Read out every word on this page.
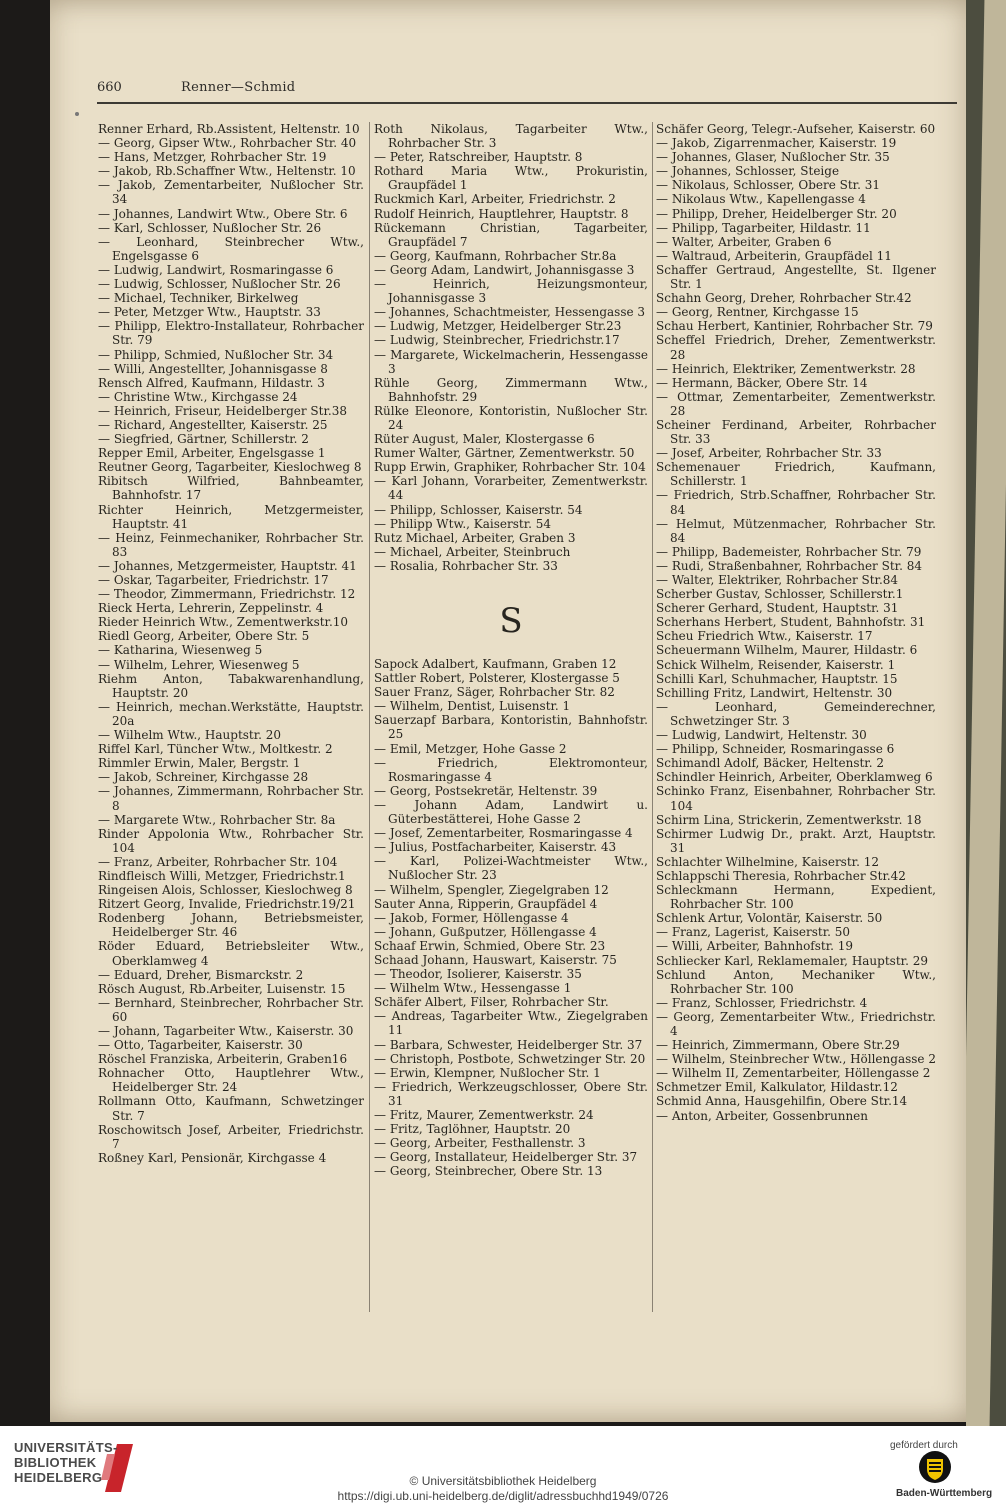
660	Renner—Schmid

Renner Erhard, Rb.Assistent, Heltenstr. 10

— Georg, Gipser Wtw., Rohrbacher Str. 40

— Hans, Metzger, Rohrbacher Str. 19

— Jakob, Rb.Schaffner Wtw., Heltenstr. 10

— Jakob, Zementarbeiter, Nußlocher Str. 34

— Johannes, Landwirt Wtw., Obere Str. 6

— Karl, Schlosser, Nußlocher Str. 26

— Leonhard, Steinbrecher Wtw., Engelsgasse 6

— Ludwig, Landwirt, Rosmaringasse 6

— Ludwig, Schlosser, Nußlocher Str. 26

— Michael, Techniker, Birkelweg

— Peter, Metzger Wtw., Hauptstr. 33

— Philipp, Elektro-Installateur, Rohrbacher Str. 79

— Philipp, Schmied, Nußlocher Str. 34

— Willi, Angestellter, Johannisgasse 8

Rensch Alfred, Kaufmann, Hildastr. 3

— Christine Wtw., Kirchgasse 24

— Heinrich, Friseur, Heidelberger Str.38

— Richard, Angestellter, Kaiserstr. 25

— Siegfried, Gärtner, Schillerstr. 2

Repper Emil, Arbeiter, Engelsgasse 1

Reutner Georg, Tagarbeiter, Kieslochweg 8

Ribitsch Wilfried, Bahnbeamter, Bahnhofstr. 17

Richter Heinrich, Metzgermeister, Hauptstr. 41

— Heinz, Feinmechaniker, Rohrbacher Str. 83

— Johannes, Metzgermeister, Hauptstr. 41

— Oskar, Tagarbeiter, Friedrichstr. 17

— Theodor, Zimmermann, Friedrichstr. 12

Rieck Herta, Lehrerin, Zeppelinstr. 4

Rieder Heinrich Wtw., Zementwerkstr.10

Riedl Georg, Arbeiter, Obere Str. 5

— Katharina, Wiesenweg 5

— Wilhelm, Lehrer, Wiesenweg 5

Riehm Anton, Tabakwarenhandlung, Hauptstr. 20

— Heinrich, mechan.Werkstätte, Hauptstr. 20a

— Wilhelm Wtw., Hauptstr. 20

Riffel Karl, Tüncher Wtw., Moltkestr. 2

Rimmler Erwin, Maler, Bergstr. 1

— Jakob, Schreiner, Kirchgasse 28

— Johannes, Zimmermann, Rohrbacher Str. 8

— Margarete Wtw., Rohrbacher Str. 8a

Rinder Appolonia Wtw., Rohrbacher Str. 104

— Franz, Arbeiter, Rohrbacher Str. 104

Rindfleisch Willi, Metzger, Friedrichstr.1

Ringeisen Alois, Schlosser, Kieslochweg 8

Ritzert Georg, Invalide, Friedrichstr.19/21

Rodenberg Johann, Betriebsmeister, Heidelberger Str. 46

Röder Eduard, Betriebsleiter Wtw., Oberklamweg 4

— Eduard, Dreher, Bismarckstr. 2

Rösch August, Rb.Arbeiter, Luisenstr. 15

— Bernhard, Steinbrecher, Rohrbacher Str. 60

— Johann, Tagarbeiter Wtw., Kaiserstr. 30

— Otto, Tagarbeiter, Kaiserstr. 30

Röschel Franziska, Arbeiterin, Graben16

Rohnacher Otto, Hauptlehrer Wtw., Heidelberger Str. 24

Rollmann Otto, Kaufmann, Schwetzinger Str. 7

Roschowitsch Josef, Arbeiter, Friedrichstr. 7

Roßney Karl, Pensionär, Kirchgasse 4

Roth Nikolaus, Tagarbeiter Wtw., Rohrbacher Str. 3

— Peter, Ratschreiber, Hauptstr. 8

Rothard Maria Wtw., Prokuristin, Graupfädel 1

Ruckmich Karl, Arbeiter, Friedrichstr. 2

Rudolf Heinrich, Hauptlehrer, Hauptstr. 8

Rückemann Christian, Tagarbeiter, Graupfädel 7

— Georg, Kaufmann, Rohrbacher Str.8a

— Georg Adam, Landwirt, Johannisgasse 3

— Heinrich, Heizungsmonteur, Johannisgasse 3

— Johannes, Schachtmeister, Hessengasse 3

— Ludwig, Metzger, Heidelberger Str.23

— Ludwig, Steinbrecher, Friedrichstr.17

— Margarete, Wickelmacherin, Hessengasse 3

Rühle Georg, Zimmermann Wtw., Bahnhofstr. 29

Rülke Eleonore, Kontoristin, Nußlocher Str. 24

Rüter August, Maler, Klostergasse 6

Rumer Walter, Gärtner, Zementwerkstr. 50

Rupp Erwin, Graphiker, Rohrbacher Str. 104

— Karl Johann, Vorarbeiter, Zementwerkstr. 44

— Philipp, Schlosser, Kaiserstr. 54

— Philipp Wtw., Kaiserstr. 54

Rutz Michael, Arbeiter, Graben 3

— Michael, Arbeiter, Steinbruch

— Rosalia, Rohrbacher Str. 33

S

Sapock Adalbert, Kaufmann, Graben 12

Sattler Robert, Polsterer, Klostergasse 5

Sauer Franz, Säger, Rohrbacher Str. 82

— Wilhelm, Dentist, Luisenstr. 1

Sauerzapf Barbara, Kontoristin, Bahnhofstr. 25

— Emil, Metzger, Hohe Gasse 2

— Friedrich, Elektromonteur, Rosmaringasse 4

— Georg, Postsekretär, Heltenstr. 39

— Johann Adam, Landwirt u. Güterbestätterei, Hohe Gasse 2

— Josef, Zementarbeiter, Rosmaringasse 4

— Julius, Postfacharbeiter, Kaiserstr. 43

— Karl, Polizei-Wachtmeister Wtw., Nußlocher Str. 23

— Wilhelm, Spengler, Ziegelgraben 12

Sauter Anna, Ripperin, Graupfädel 4

— Jakob, Former, Höllengasse 4

— Johann, Gußputzer, Höllengasse 4

Schaaf Erwin, Schmied, Obere Str. 23

Schaad Johann, Hauswart, Kaiserstr. 75

— Theodor, Isolierer, Kaiserstr. 35

— Wilhelm Wtw., Hessengasse 1

Schäfer Albert, Filser, Rohrbacher Str.

— Andreas, Tagarbeiter Wtw., Ziegelgraben 11

— Barbara, Schwester, Heidelberger Str. 37

— Christoph, Postbote, Schwetzinger Str. 20

— Erwin, Klempner, Nußlocher Str. 1

— Friedrich, Werkzeugschlosser, Obere Str. 31

— Fritz, Maurer, Zementwerkstr. 24

— Fritz, Taglöhner, Hauptstr. 20

— Georg, Arbeiter, Festhallenstr. 3

— Georg, Installateur, Heidelberger Str. 37

— Georg, Steinbrecher, Obere Str. 13

Schäfer Georg, Telegr.-Aufseher, Kaiserstr. 60

— Jakob, Zigarrenmacher, Kaiserstr. 19

— Johannes, Glaser, Nußlocher Str. 35

— Johannes, Schlosser, Steige

— Nikolaus, Schlosser, Obere Str. 31

— Nikolaus Wtw., Kapellengasse 4

— Philipp, Dreher, Heidelberger Str. 20

— Philipp, Tagarbeiter, Hildastr. 11

— Walter, Arbeiter, Graben 6

— Waltraud, Arbeiterin, Graupfädel 11

Schaffer Gertraud, Angestellte, St. Ilgener Str. 1

Schahn Georg, Dreher, Rohrbacher Str.42

— Georg, Rentner, Kirchgasse 15

Schau Herbert, Kantinier, Rohrbacher Str. 79

Scheffel Friedrich, Dreher, Zementwerkstr. 28

— Heinrich, Elektriker, Zementwerkstr. 28

— Hermann, Bäcker, Obere Str. 14

— Ottmar, Zementarbeiter, Zementwerkstr. 28

Scheiner Ferdinand, Arbeiter, Rohrbacher Str. 33

— Josef, Arbeiter, Rohrbacher Str. 33

Schemenauer Friedrich, Kaufmann, Schillerstr. 1

— Friedrich, Strb.Schaffner, Rohrbacher Str. 84

— Helmut, Mützenmacher, Rohrbacher Str. 84

— Philipp, Bademeister, Rohrbacher Str. 79

— Rudi, Straßenbahner, Rohrbacher Str. 84

— Walter, Elektriker, Rohrbacher Str.84

Scherber Gustav, Schlosser, Schillerstr.1

Scherer Gerhard, Student, Hauptstr. 31

Scherhans Herbert, Student, Bahnhofstr. 31

Scheu Friedrich Wtw., Kaiserstr. 17

Scheuermann Wilhelm, Maurer, Hildastr. 6

Schick Wilhelm, Reisender, Kaiserstr. 1

Schilli Karl, Schuhmacher, Hauptstr. 15

Schilling Fritz, Landwirt, Heltenstr. 30

— Leonhard, Gemeinderechner, Schwetzinger Str. 3

— Ludwig, Landwirt, Heltenstr. 30

— Philipp, Schneider, Rosmaringasse 6

Schimandl Adolf, Bäcker, Heltenstr. 2

Schindler Heinrich, Arbeiter, Oberklamweg 6

Schinko Franz, Eisenbahner, Rohrbacher Str. 104

Schirm Lina, Strickerin, Zementwerkstr. 18

Schirmer Ludwig Dr., prakt. Arzt, Hauptstr. 31

Schlachter Wilhelmine, Kaiserstr. 12

Schlappschi Theresia, Rohrbacher Str.42

Schleckmann Hermann, Expedient, Rohrbacher Str. 100

Schlenk Artur, Volontär, Kaiserstr. 50

— Franz, Lagerist, Kaiserstr. 50

— Willi, Arbeiter, Bahnhofstr. 19

Schliecker Karl, Reklamemaler, Hauptstr. 29

Schlund Anton, Mechaniker Wtw., Rohrbacher Str. 100

— Franz, Schlosser, Friedrichstr. 4

— Georg, Zementarbeiter Wtw., Friedrichstr. 4

— Heinrich, Zimmermann, Obere Str.29

— Wilhelm, Steinbrecher Wtw., Höllengasse 2

— Wilhelm II, Zementarbeiter, Höllengasse 2

Schmetzer Emil, Kalkulator, Hildastr.12

Schmid Anna, Hausgehilfin, Obere Str.14

— Anton, Arbeiter, Gossenbrunnen

UNIVERSITÄTS-
BIBLIOTHEK
HEIDELBERG	© Universitätsbibliothek Heidelberg
https://digi.ub.uni-heidelberg.de/diglit/adressbuchhd1949/0726
gefördert durch
Baden-Württemberg
